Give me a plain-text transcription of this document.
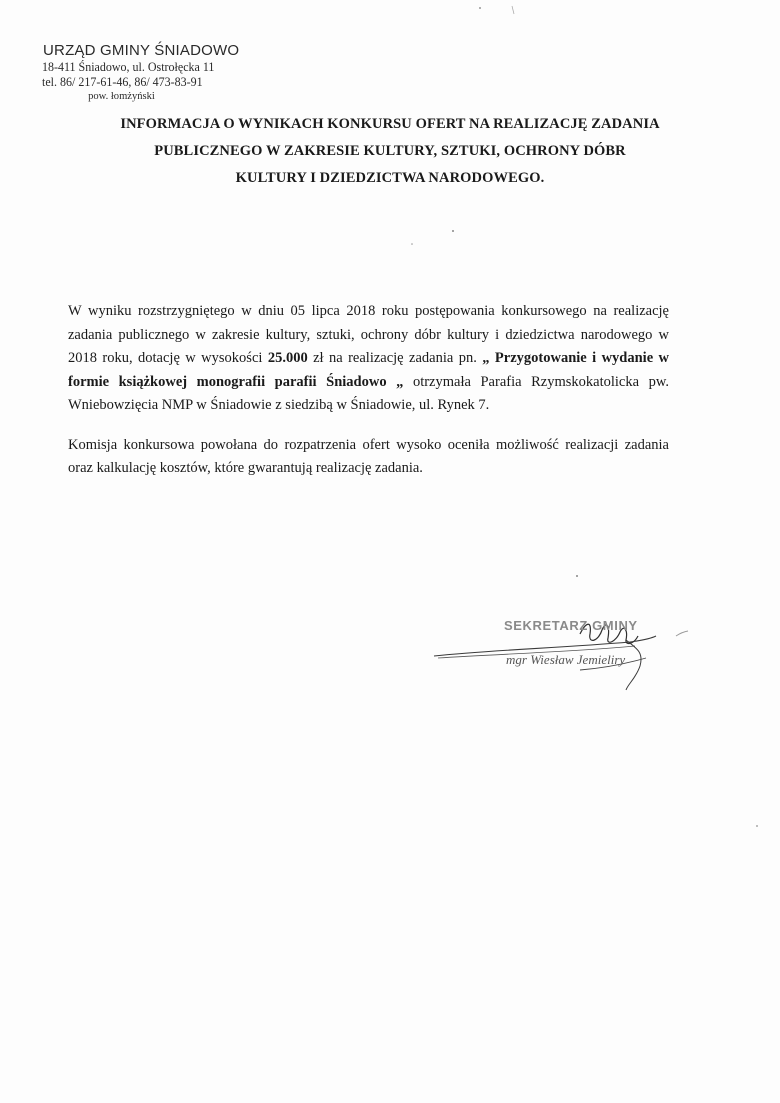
URZĄD GMINY ŚNIADOWO
18-411 Śniadowo, ul. Ostrołęcka 11
tel. 86/ 217-61-46, 86/ 473-83-91
pow. łomżyński
INFORMACJA O WYNIKACH KONKURSU OFERT NA REALIZACJĘ ZADANIA
PUBLICZNEGO W ZAKRESIE KULTURY, SZTUKI, OCHRONY DÓBR
KULTURY I DZIEDZICTWA NARODOWEGO.

W wyniku rozstrzygniętego w dniu 05 lipca 2018 roku postępowania konkursowego na realizację zadania publicznego w zakresie kultury, sztuki, ochrony dóbr kultury i dziedzictwa narodowego w 2018 roku, dotację w wysokości 25.000 zł na realizację zadania pn. „ Przygotowanie i wydanie w formie książkowej monografii parafii Śniadowo „ otrzymała Parafia Rzymskokatolicka pw. Wniebowzięcia NMP w Śniadowie z siedzibą w Śniadowie, ul. Rynek 7.

Komisja konkursowa powołana do rozpatrzenia ofert wysoko oceniła możliwość realizacji zadania oraz kalkulację kosztów, które gwarantują realizację zadania.

SEKRETARZ GMINY
mgr Wiesław Jemieliry
